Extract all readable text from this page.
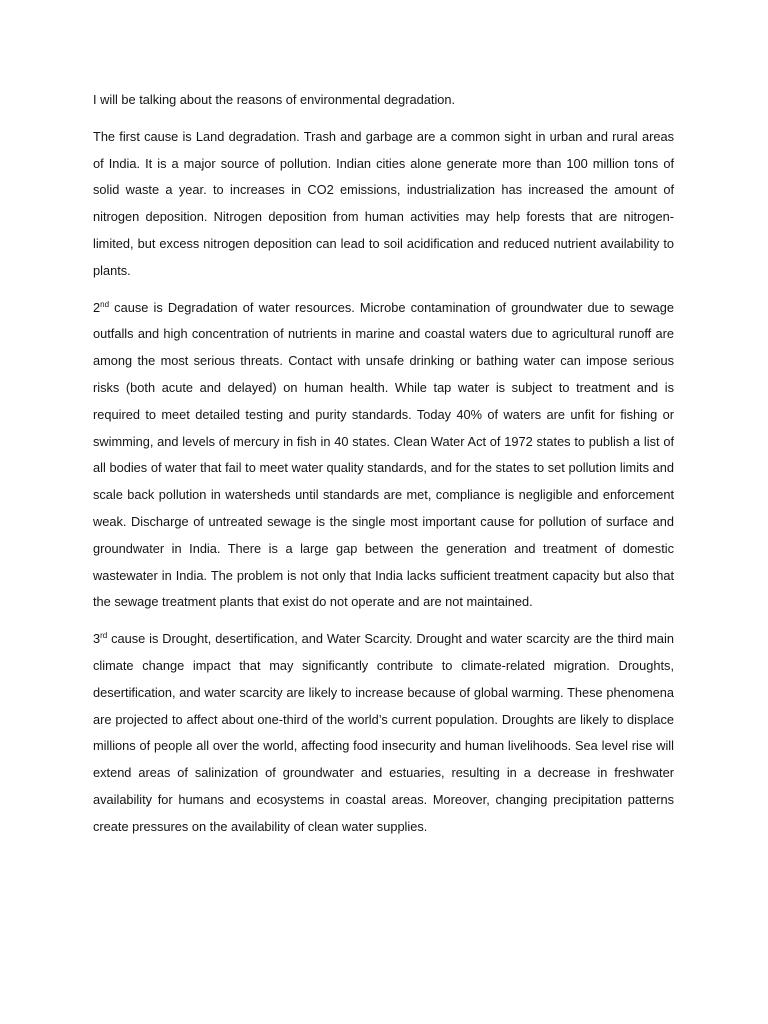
I will be talking about the reasons of environmental degradation.

The first cause is Land degradation. Trash and garbage are a common sight in urban and rural areas of India. It is a major source of pollution. Indian cities alone generate more than 100 million tons of solid waste a year. to increases in CO2 emissions, industrialization has increased the amount of nitrogen deposition. Nitrogen deposition from human activities may help forests that are nitrogen-limited, but excess nitrogen deposition can lead to soil acidification and reduced nutrient availability to plants.

2nd cause is Degradation of water resources. Microbe contamination of groundwater due to sewage outfalls and high concentration of nutrients in marine and coastal waters due to agricultural runoff are among the most serious threats. Contact with unsafe drinking or bathing water can impose serious risks (both acute and delayed) on human health. While tap water is subject to treatment and is required to meet detailed testing and purity standards. Today 40% of waters are unfit for fishing or swimming, and levels of mercury in fish in 40 states. Clean Water Act of 1972 states to publish a list of all bodies of water that fail to meet water quality standards, and for the states to set pollution limits and scale back pollution in watersheds until standards are met, compliance is negligible and enforcement weak. Discharge of untreated sewage is the single most important cause for pollution of surface and groundwater in India. There is a large gap between the generation and treatment of domestic wastewater in India. The problem is not only that India lacks sufficient treatment capacity but also that the sewage treatment plants that exist do not operate and are not maintained.

3rd cause is Drought, desertification, and Water Scarcity. Drought and water scarcity are the third main climate change impact that may significantly contribute to climate-related migration. Droughts, desertification, and water scarcity are likely to increase because of global warming. These phenomena are projected to affect about one-third of the world’s current population. Droughts are likely to displace millions of people all over the world, affecting food insecurity and human livelihoods. Sea level rise will extend areas of salinization of groundwater and estuaries, resulting in a decrease in freshwater availability for humans and ecosystems in coastal areas. Moreover, changing precipitation patterns create pressures on the availability of clean water supplies.
